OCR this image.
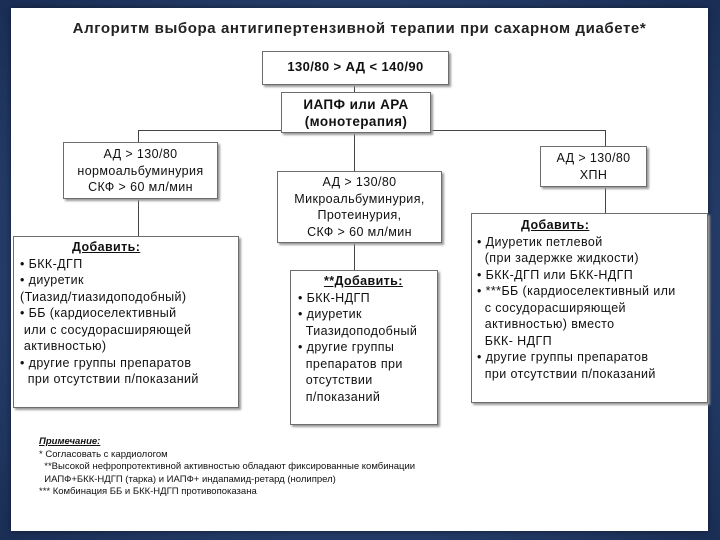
Алгоритм выбора антигипертензивной терапии при сахарном диабете*
130/80 > АД < 140/90
ИАПФ или АРА
(монотерапия)
АД > 130/80
нормоальбуминурия
СКФ > 60 мл/мин	АД > 130/80
Микроальбуминурия,
Протеинурия,
СКФ > 60 мл/мин
АД > 130/80
ХПН
Добавить:
• БКК-ДГП
• диуретик
(Тиазид/тиазидоподобный)
• ББ (кардиоселективный
или с сосудорасширяющей
активностью)
• другие группы препаратов
при отсутствии п/показаний
**Добавить:
• БКК-НДГП
• диуретик
Тиазидоподобный
• другие группы
препаратов при
отсутствии
п/показаний
Добавить:
• Диуретик петлевой
(при задержке жидкости)
• БКК-ДГП или БКК-НДГП
• ***ББ (кардиоселективный или
с сосудорасширяющей
активностью) вместо
БКК- НДГП
• другие группы препаратов
при отсутствии п/показаний
Примечание:
* Согласовать с кардиологом
**Высокой нефропротективной активностью обладают фиксированные комбинации
ИАПФ+БКК-НДГП (тарка) и ИАПФ+ индапамид-ретард (нолипрел)
*** Комбинация ББ и БКК-НДГП противопоказана
